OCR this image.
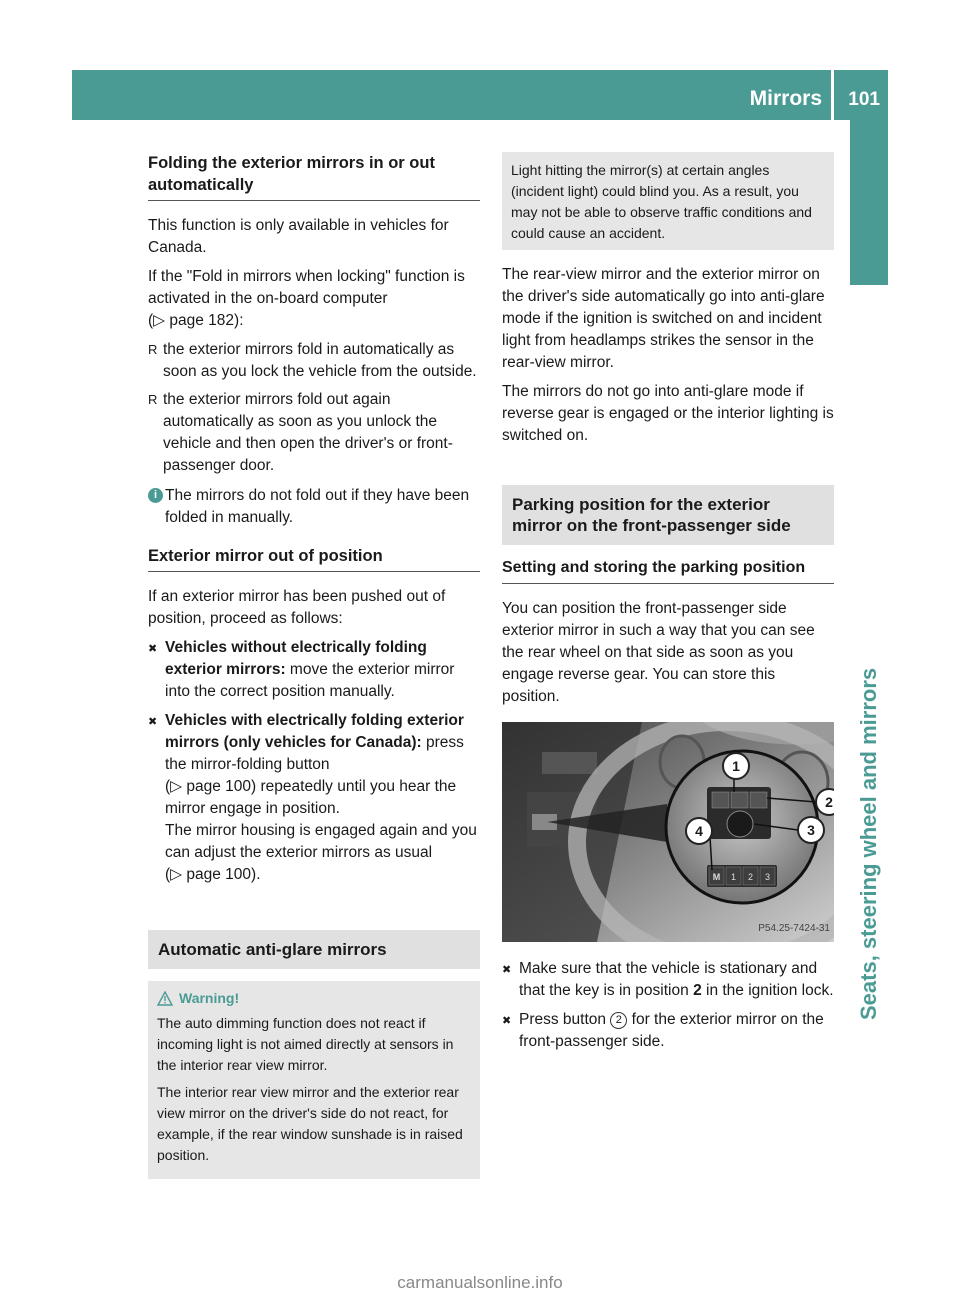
Mirrors 101
Seats, steering wheel and mirrors
Folding the exterior mirrors in or out automatically

This function is only available in vehicles for Canada.

If the "Fold in mirrors when locking" function is activated in the on-board computer
(▷ page 182):

R the exterior mirrors fold in automatically as soon as you lock the vehicle from the outside.
R the exterior mirrors fold out again automatically as soon as you unlock the vehicle and then open the driver's or front-passenger door.
i The mirrors do not fold out if they have been folded in manually.
Exterior mirror out of position

If an exterior mirror has been pushed out of position, proceed as follows:

✖ Vehicles without electrically folding exterior mirrors: move the exterior mirror into the correct position manually.
✖ Vehicles with electrically folding exterior mirrors (only vehicles for Canada): press the mirror-folding button
(▷ page 100) repeatedly until you hear the mirror engage in position.
The mirror housing is engaged again and you can adjust the exterior mirrors as usual
(▷ page 100).
Automatic anti-glare mirrors
Warning!

The auto dimming function does not react if incoming light is not aimed directly at sensors in the interior rear view mirror.

The interior rear view mirror and the exterior rear view mirror on the driver's side do not react, for example, if the rear window sunshade is in raised position.

Light hitting the mirror(s) at certain angles (incident light) could blind you. As a result, you may not be able to observe traffic conditions and could cause an accident.

The rear-view mirror and the exterior mirror on the driver's side automatically go into anti-glare mode if the ignition is switched on and incident light from headlamps strikes the sensor in the rear-view mirror.

The mirrors do not go into anti-glare mode if reverse gear is engaged or the interior lighting is switched on.

Parking position for the exterior mirror on the front-passenger side
Setting and storing the parking position

You can position the front-passenger side exterior mirror in such a way that you can see the rear wheel on that side as soon as you engage reverse gear. You can store this position.

M 1 2 3
1
2
3
4
P54.25-7424-31
✖ Make sure that the vehicle is stationary and that the key is in position 2 in the ignition lock.
✖ Press button 2 for the exterior mirror on the front-passenger side.
carmanualsonline.info
